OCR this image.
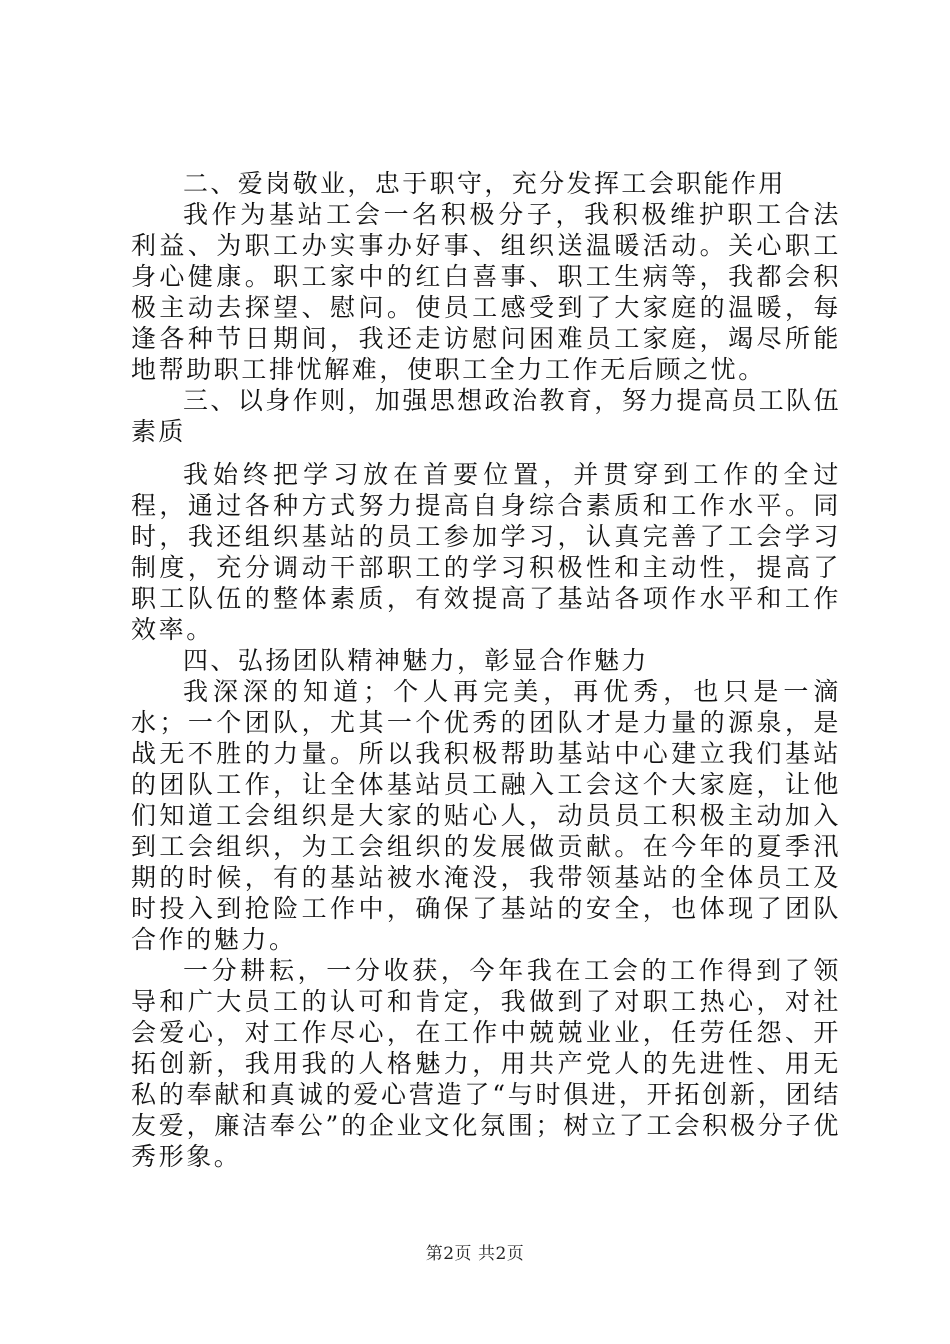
二、爱岗敬业，忠于职守，充分发挥工会职能作用

我作为基站工会一名积极分子，我积极维护职工合法利益、为职工办实事办好事、组织送温暖活动。关心职工身心健康。职工家中的红白喜事、职工生病等，我都会积极主动去探望、慰问。使员工感受到了大家庭的温暖，每逢各种节日期间，我还走访慰问困难员工家庭，竭尽所能地帮助职工排忧解难，使职工全力工作无后顾之忧。

三、以身作则，加强思想政治教育，努力提高员工队伍素质

我始终把学习放在首要位置，并贯穿到工作的全过程，通过各种方式努力提高自身综合素质和工作水平。同时，我还组织基站的员工参加学习，认真完善了工会学习制度，充分调动干部职工的学习积极性和主动性，提高了职工队伍的整体素质，有效提高了基站各项作水平和工作效率。

四、弘扬团队精神魅力，彰显合作魅力

我深深的知道；个人再完美，再优秀，也只是一滴水；一个团队，尤其一个优秀的团队才是力量的源泉，是战无不胜的力量。所以我积极帮助基站中心建立我们基站的团队工作，让全体基站员工融入工会这个大家庭，让他们知道工会组织是大家的贴心人，动员员工积极主动加入到工会组织，为工会组织的发展做贡献。在今年的夏季汛期的时候，有的基站被水淹没，我带领基站的全体员工及时投入到抢险工作中，确保了基站的安全，也体现了团队合作的魅力。

一分耕耘，一分收获，今年我在工会的工作得到了领导和广大员工的认可和肯定，我做到了对职工热心，对社会爱心，对工作尽心，在工作中兢兢业业，任劳任怨、开拓创新，我用我的人格魅力，用共产党人的先进性、用无私的奉献和真诚的爱心营造了“与时俱进，开拓创新，团结友爱，廉洁奉公”的企业文化氛围；树立了工会积极分子优秀形象。

第2页 共2页
